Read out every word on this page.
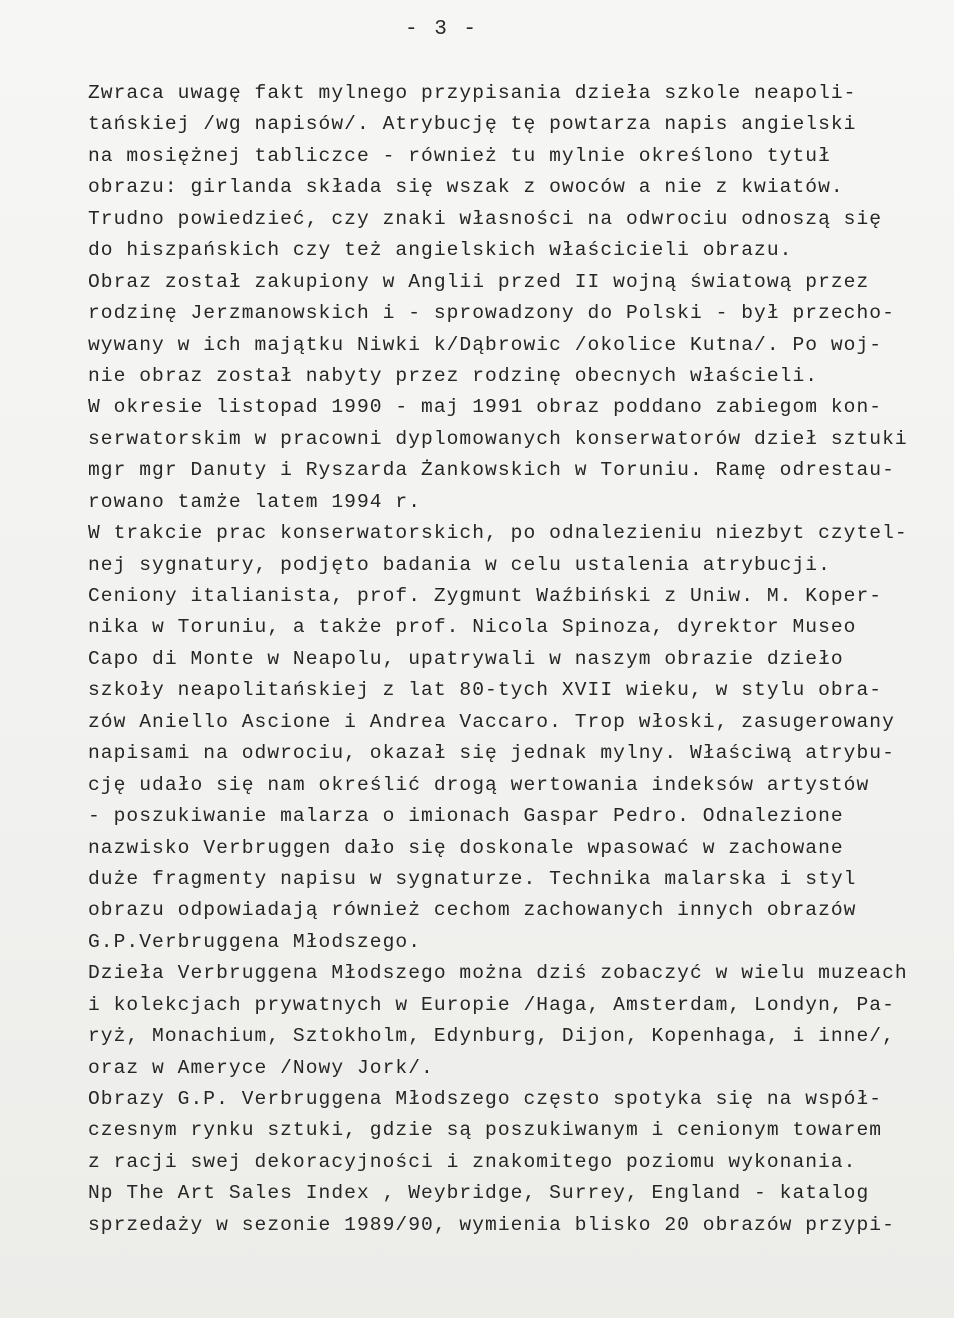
- 3 -
Zwraca uwagę fakt mylnego przypisania dzieła szkole neapoli-
tańskiej /wg napisów/. Atrybucję tę powtarza napis angielski
na mosiężnej tabliczce - również tu mylnie określono tytuł
obrazu: girlanda składa się wszak z owoców a nie z kwiatów.
Trudno powiedzieć, czy znaki własności na odwrociu odnoszą się
do hiszpańskich czy też angielskich właścicieli obrazu.
Obraz został zakupiony w Anglii przed II wojną światową przez
rodzinę Jerzmanowskich i - sprowadzony do Polski - był przecho-
wywany w ich majątku Niwki k/Dąbrowic /okolice Kutna/. Po woj-
nie obraz został nabyty przez rodzinę obecnych właścieli.
W okresie listopad 1990 - maj 1991 obraz poddano zabiegom kon-
serwatorskim w pracowni dyplomowanych konserwatorów dzieł sztuki
mgr mgr Danuty i Ryszarda Żankowskich w Toruniu. Ramę odrestau-
rowano tamże latem 1994 r.
W trakcie prac konserwatorskich, po odnalezieniu niezbyt czytel-
nej sygnatury, podjęto badania w celu ustalenia atrybucji.
Ceniony italianista, prof. Zygmunt Waźbiński z Uniw. M. Koper-
nika w Toruniu, a także prof. Nicola Spinoza, dyrektor Museo
Capo di Monte w Neapolu, upatrywali w naszym obrazie dzieło
szkoły neapolitańskiej z lat 80-tych XVII wieku, w stylu obra-
zów Aniello Ascione i Andrea Vaccaro. Trop włoski, zasugerowany
napisami na odwrociu, okazał się jednak mylny. Właściwą atrybu-
cję udało się nam określić drogą wertowania indeksów artystów
- poszukiwanie malarza o imionach Gaspar Pedro. Odnalezione
nazwisko Verbruggen dało się doskonale wpasować w zachowane
duże fragmenty napisu w sygnaturze. Technika malarska i styl
obrazu odpowiadają również cechom zachowanych innych obrazów
G.P.Verbruggena Młodszego.
Dzieła Verbruggena Młodszego można dziś zobaczyć w wielu muzeach
i kolekcjach prywatnych w Europie /Haga, Amsterdam, Londyn, Pa-
ryż, Monachium, Sztokholm, Edynburg, Dijon, Kopenhaga, i inne/,
oraz w Ameryce /Nowy Jork/.
Obrazy G.P. Verbruggena Młodszego często spotyka się na współ-
czesnym rynku sztuki, gdzie są poszukiwanym i cenionym towarem
z racji swej dekoracyjności i znakomitego poziomu wykonania.
Np The Art Sales Index , Weybridge, Surrey, England - katalog
sprzedaży w sezonie 1989/90, wymienia blisko 20 obrazów przypi-
